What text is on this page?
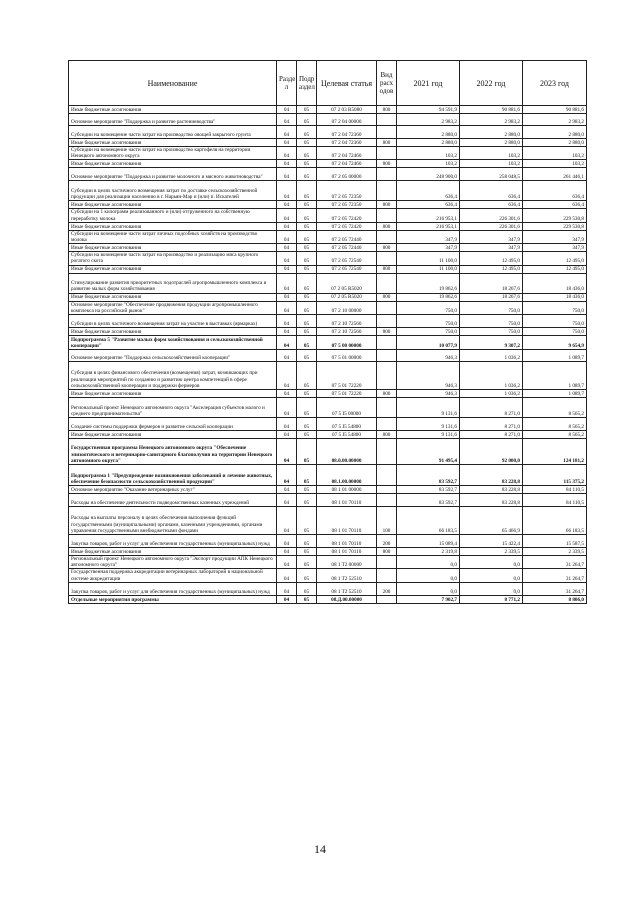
Наименование	Разде л	Подр аздел	Целевая статья	Вид расх одов	2021 год	2022 год	2023 год
Иные бюджетные ассигнования	04	05	07 2 03 R5080	800	94 591,9	90 881,6	90 881,6
Основное мероприятие "Поддержка и развитие растениеводства"	04	05	07 2 04 00000		2 983,2	2 983,2	2 983,2
Субсидии на возмещение части затрат на производство овощей закрытого грунта	04	05	07 2 04 72360		2 880,0	2 880,0	2 880,0
Иные бюджетные ассигнования	04	05	07 2 04 72360	800	2 880,0	2 880,0	2 880,0
Субсидии на возмещение части затрат на производство картофеля на территории Ненецкого автономного округа	04	05	07 2 04 72460		103,2	103,2	103,2
Иные бюджетные ассигнования	04	05	07 2 04 72460	800	103,2	103,2	103,2
Основное мероприятие "Поддержка и развитие молочного и мясного животноводства"	04	05	07 2 05 00000		248 900,0	258 048,5	261 446,1
Субсидии в целях частичного возмещения затрат по доставке сельскохозяйственной продукции для реализации населению в г. Нарьян-Мар и (или) п. Искателей	04	05	07 2 05 72350		636,4	636,4	636,4
Иные бюджетные ассигнования	04	05	07 2 05 72350	800	636,4	636,4	636,4
Субсидии на 1 килограмм реализованного и (или) отгруженного на собственную переработку молока	04	05	07 2 05 72420		216 953,1	226 301,6	229 530,8
Иные бюджетные ассигнования	04	05	07 2 05 72420	800	216 953,1	226 301,6	229 530,8
Субсидии на возмещение части затрат личных подсобных хозяйств на производство молока	04	05	07 2 05 72440		347,9	347,9	347,9
Иные бюджетные ассигнования	04	05	07 2 05 72440	800	347,9	347,9	347,9
Субсидии на возмещение части затрат на производство и реализацию мяса крупного рогатого скота	04	05	07 2 05 72540		11 100,0	12 495,0	12 495,0
Иные бюджетные ассигнования	04	05	07 2 05 72540	800	11 100,0	12 495,0	12 495,0
Стимулирование развития приоритетных подотраслей агропромышленного комплекса и развитие малых форм хозяйствования	04	05	07 2 05 R5020		19 862,6	18 267,6	18 436,0
Иные бюджетные ассигнования	04	05	07 2 05 R5020	800	19 862,6	18 267,6	18 436,0
Основное мероприятие "Обеспечение продвижения продукции агропромышленного комплекса на российский рынок"	04	05	07 2 10 00000		750,0	750,0	750,0
Субсидии в целях частичного возмещения затрат на участие в выставках (ярмарках)	04	05	07 2 10 72560		750,0	750,0	750,0
Иные бюджетные ассигнования	04	05	07 2 10 72560	800	750,0	750,0	750,0
Подпрограмма 5 "Развитие малых форм хозяйствования и сельскохозяйственной кооперации"	04	05	07 5 00 00000		10 077,9	9 307,2	9 654,9
Основное мероприятие "Поддержка сельскохозяйственной кооперации"	04	05	07 5 01 00000		946,3	1 036,2	1 089,7
Субсидия в целях финансового обеспечения (возмещения) затрат, возникающих при реализации мероприятий по созданию и развитию центра компетенций в сфере сельскохозяйственной кооперации и поддержки фермеров	04	05	07 5 01 72220		946,3	1 036,2	1 089,7
Иные бюджетные ассигнования	04	05	07 5 01 72220	800	946,3	1 036,2	1 089,7
Региональный проект Ненецкого автономного округа "Акселерация субъектов малого и среднего предпринимательства"	04	05	07 5 I5 00000		9 131,6	8 271,0	8 565,2
Создание системы поддержки фермеров и развитие сельской кооперации	04	05	07 5 I5 54800		9 131,6	8 271,0	8 565,2
Иные бюджетные ассигнования	04	05	07 5 I5 54800	800	9 131,6	8 271,0	8 565,2
Государственная программа Ненецкого автономного округа "Обеспечение эпизоотического и ветеринарно-санитарного благополучия на территории Ненецкого автономного округа"	04	05	08.0.00.00000		91 495,4	92 000,0	124 181,2
Подпрограмма 1 "Предупреждение возникновения заболеваний и лечение животных, обеспечение безопасности сельскохозяйственной продукции"	04	05	08.1.00.00000		83 592,7	83 228,8	115 375,2
Основное мероприятие "Оказание ветеринарных услуг"	04	05	08 1 01 00000		83 592,7	83 228,8	84 110,5
Расходы на обеспечение деятельности подведомственных казенных учреждений	04	05	08 1 01 70110		83 592,7	83 228,8	84 110,5
Расходы на выплаты персоналу в целях обеспечения выполнения функций государственными (муниципальными) органами, казенными учреждениями, органами управления государственными внебюджетными фондами	04	05	08 1 01 70110	100	66 183,5	65 466,9	66 183,5
Закупка товаров, работ и услуг для обеспечения государственных (муниципальных) нужд	04	05	08 1 01 70110	200	15 089,4	15 422,4	15 587,5
Иные бюджетные ассигнования	04	05	08 1 01 70110	800	2 319,8	2 339,5	2 339,5
Региональный проект Ненецкого автономного округа "Экспорт продукции АПК Ненецкого автономного округа"	04	05	08 1 T2 00000		0,0	0,0	31 264,7
Государственная поддержка аккредитации ветеринарных лабораторий в национальной системе аккредитации	04	05	08 1 T2 52510		0,0	0,0	31 264,7
Закупка товаров, работ и услуг для обеспечения государственных (муниципальных) нужд	04	05	08 1 T2 52510	200	0,0	0,0	31 264,7
Отдельные мероприятия программы	04	05	08.Д.00.00000		7 902,7	8 771,2	8 806,0
14
